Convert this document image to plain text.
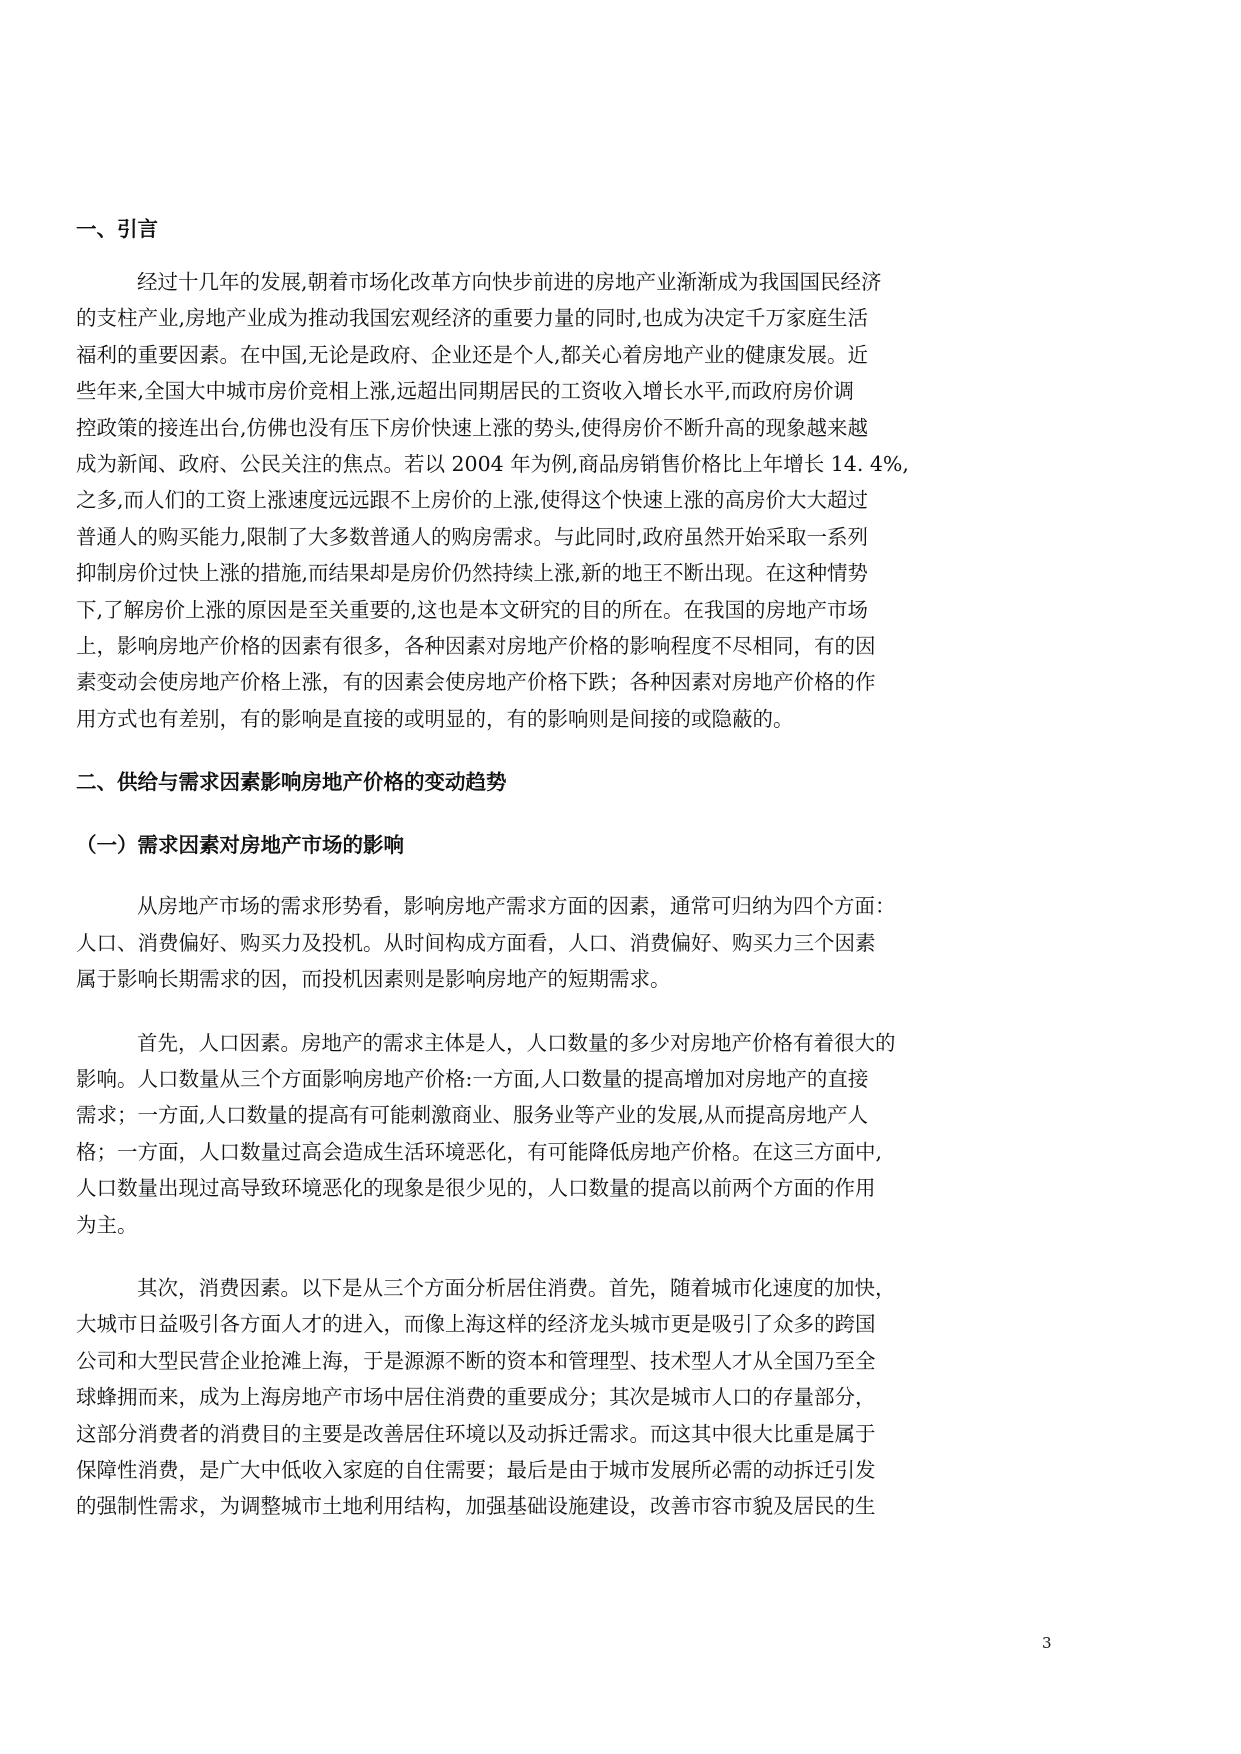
一、引言
经过十几年的发展,朝着市场化改革方向快步前进的房地产业渐渐成为我国国民经济
的支柱产业,房地产业成为推动我国宏观经济的重要力量的同时,也成为决定千万家庭生活
福利的重要因素。在中国,无论是政府、企业还是个人,都关心着房地产业的健康发展。近
些年来,全国大中城市房价竞相上涨,远超出同期居民的工资收入增长水平,而政府房价调
控政策的接连出台,仿佛也没有压下房价快速上涨的势头,使得房价不断升高的现象越来越
成为新闻、政府、公民关注的焦点。若以 2004 年为例,商品房销售价格比上年增长 14. 4%,
之多,而人们的工资上涨速度远远跟不上房价的上涨,使得这个快速上涨的高房价大大超过
普通人的购买能力,限制了大多数普通人的购房需求。与此同时,政府虽然开始采取一系列
抑制房价过快上涨的措施,而结果却是房价仍然持续上涨,新的地王不断出现。在这种情势
下,了解房价上涨的原因是至关重要的,这也是本文研究的目的所在。在我国的房地产市场
上，影响房地产价格的因素有很多，各种因素对房地产价格的影响程度不尽相同，有的因
素变动会使房地产价格上涨，有的因素会使房地产价格下跌；各种因素对房地产价格的作
用方式也有差别，有的影响是直接的或明显的，有的影响则是间接的或隐蔽的。
二、供给与需求因素影响房地产价格的变动趋势
（一）需求因素对房地产市场的影响
从房地产市场的需求形势看，影响房地产需求方面的因素，通常可归纳为四个方面：
人口、消费偏好、购买力及投机。从时间构成方面看，人口、消费偏好、购买力三个因素
属于影响长期需求的因，而投机因素则是影响房地产的短期需求。
首先，人口因素。房地产的需求主体是人，人口数量的多少对房地产价格有着很大的
影响。人口数量从三个方面影响房地产价格:一方面,人口数量的提高增加对房地产的直接
需求；一方面,人口数量的提高有可能刺激商业、服务业等产业的发展,从而提高房地产人
格；一方面，人口数量过高会造成生活环境恶化，有可能降低房地产价格。在这三方面中,
人口数量出现过高导致环境恶化的现象是很少见的，人口数量的提高以前两个方面的作用
为主。
其次，消费因素。以下是从三个方面分析居住消费。首先，随着城市化速度的加快，
大城市日益吸引各方面人才的进入，而像上海这样的经济龙头城市更是吸引了众多的跨国
公司和大型民营企业抢滩上海，于是源源不断的资本和管理型、技术型人才从全国乃至全
球蜂拥而来，成为上海房地产市场中居住消费的重要成分；其次是城市人口的存量部分，
这部分消费者的消费目的主要是改善居住环境以及动拆迁需求。而这其中很大比重是属于
保障性消费，是广大中低收入家庭的自住需要；最后是由于城市发展所必需的动拆迁引发
的强制性需求，为调整城市土地利用结构，加强基础设施建设，改善市容市貌及居民的生
3
